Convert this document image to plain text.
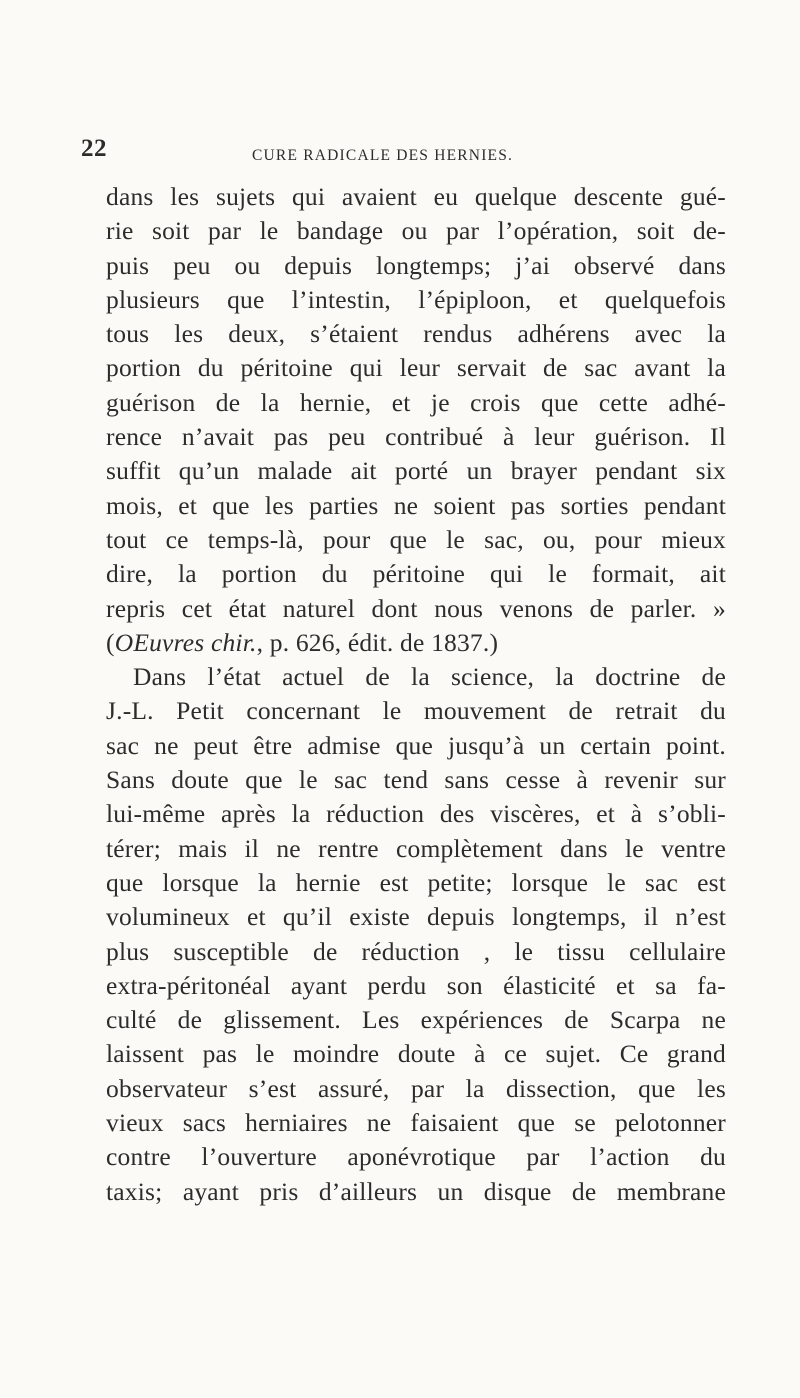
22	CURE RADICALE DES HERNIES.
dans les sujets qui avaient eu quelque descente gué-
rie soit par le bandage ou par l’opération, soit de-
puis peu ou depuis longtemps; j’ai observé dans
plusieurs que l’intestin, l’épiploon, et quelquefois
tous les deux, s’étaient rendus adhérens avec la
portion du péritoine qui leur servait de sac avant la
guérison de la hernie, et je crois que cette adhé-
rence n’avait pas peu contribué à leur guérison. Il
suffit qu’un malade ait porté un brayer pendant six
mois, et que les parties ne soient pas sorties pendant
tout ce temps-là, pour que le sac, ou, pour mieux
dire, la portion du péritoine qui le formait, ait
repris cet état naturel dont nous venons de parler. »
(OEuvres chir., p. 626, édit. de 1837.)
Dans l’état actuel de la science, la doctrine de
J.-L. Petit concernant le mouvement de retrait du
sac ne peut être admise que jusqu’à un certain point.
Sans doute que le sac tend sans cesse à revenir sur
lui-même après la réduction des viscères, et à s’obli-
térer; mais il ne rentre complètement dans le ventre
que lorsque la hernie est petite; lorsque le sac est
volumineux et qu’il existe depuis longtemps, il n’est
plus susceptible de réduction , le tissu cellulaire
extra-péritonéal ayant perdu son élasticité et sa fa-
culté de glissement. Les expériences de Scarpa ne
laissent pas le moindre doute à ce sujet. Ce grand
observateur s’est assuré, par la dissection, que les
vieux sacs herniaires ne faisaient que se pelotonner
contre l’ouverture aponévrotique par l’action du
taxis; ayant pris d’ailleurs un disque de membrane
